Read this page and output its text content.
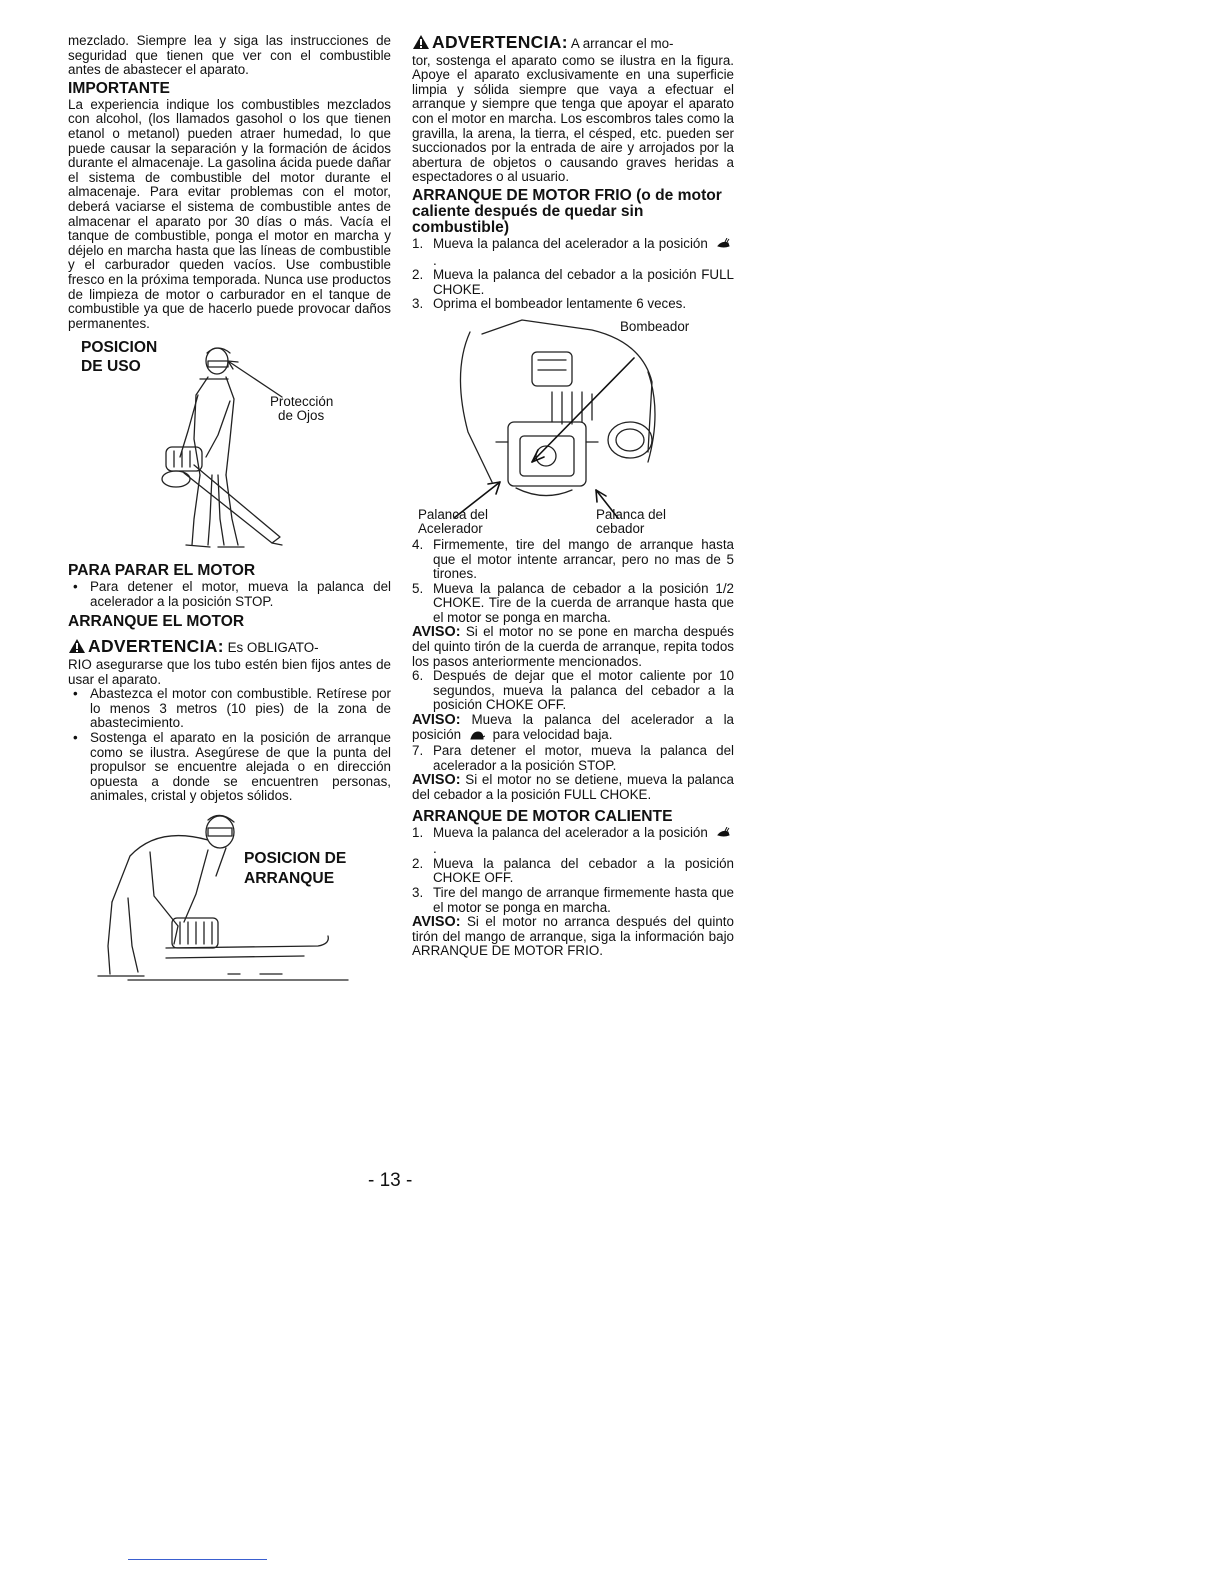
mezclado. Siempre lea y siga las instrucciones de seguridad que tienen que ver con el combustible antes de abastecer el aparato.

IMPORTANTE

La experiencia indique los combustibles mezclados con alcohol, (los llamados gasohol o los que tienen etanol o metanol) pueden atraer humedad, lo que puede causar la separación y la formación de ácidos durante el almacenaje. La gasolina ácida puede dañar el sistema de combustible del motor durante el almacenaje. Para evitar problemas con el motor, deberá vaciarse el sistema de combustible antes de almacenar el aparato por 30 días o más. Vacía el tanque de combustible, ponga el motor en marcha y déjelo en marcha hasta que las líneas de combustible y el carburador queden vacíos. Use combustible fresco en la próxima temporada. Nunca use productos de limpieza de motor o carburador en el tanque de combustible ya que de hacerlo puede provocar daños permanentes.

POSICION
DE USO
Protección
de Ojos
PARA PARAR EL MOTOR
• Para detener el motor, mueva la palanca del acelerador a la posición STOP.
ARRANQUE EL MOTOR
ADVERTENCIA: Es OBLIGATO-

RIO asegurarse que los tubo estén bien fijos antes de usar el aparato.

• Abastezca el motor con combustible. Retírese por lo menos 3 metros (10 pies) de la zona de abastecimiento.
• Sostenga el aparato en la posición de arranque como se ilustra. Asegúrese de que la punta del propulsor se encuentre alejada o en dirección opuesta a donde se encuentren personas, animales, cristal y objetos sólidos.
POSICION DE
ARRANQUE
ADVERTENCIA: A arrancar el mo-

tor, sostenga el aparato como se ilustra en la figura. Apoye el aparato exclusivamente en una superficie limpia y sólida siempre que vaya a efectuar el arranque y siempre que tenga que apoyar el aparato con el motor en marcha. Los escombros tales como la gravilla, la arena, la tierra, el césped, etc. pueden ser succionados por la entrada de aire y arrojados por la abertura de objetos o causando graves heridas a espectadores o al usuario.

ARRANQUE DE MOTOR FRIO (o de motor caliente después de quedar sin combustible)
1. Mueva la palanca del acelerador a la posición .
2. Mueva la palanca del cebador a la posición FULL CHOKE.
3. Oprima el bombeador lentamente 6 veces.
Bombeador
Palanca del
Acelerador
Palanca del
cebador
4. Firmemente, tire del mango de arranque hasta que el motor intente arrancar, pero no mas de 5 tirones.
5. Mueva la palanca de cebador a la posición 1/2 CHOKE. Tire de la cuerda de arranque hasta que el motor se ponga en marcha.

AVISO: Si el motor no se pone en marcha después del quinto tirón de la cuerda de arranque, repita todos los pasos anteriormente mencionados.

6. Después de dejar que el motor caliente por 10 segundos, mueva la palanca del cebador a la posición CHOKE OFF.

AVISO: Mueva la palanca del acelerador a la posición para velocidad baja.

7. Para detener el motor, mueva la palanca del acelerador a la posición STOP.

AVISO: Si el motor no se detiene, mueva la palanca del cebador a la posición FULL CHOKE.

ARRANQUE DE MOTOR CALIENTE
1. Mueva la palanca del acelerador a la posición .
2. Mueva la palanca del cebador a la posición CHOKE OFF.
3. Tire del mango de arranque firmemente hasta que el motor se ponga en marcha.

AVISO: Si el motor no arranca después del quinto tirón del mango de arranque, siga la información bajo ARRANQUE DE MOTOR FRIO.

- 13 -
